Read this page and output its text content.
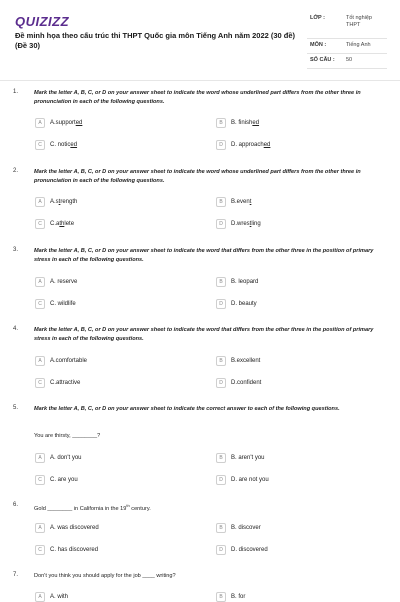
QUIZIZZ
Đề minh họa theo cấu trúc thi THPT Quốc gia môn Tiếng Anh năm 2022 (30 đề) (Đề 30)
LỚP :	Tốt nghiệp THPT
MÔN :	Tiếng Anh
SỐ CÂU :	50
1.	Mark the letter A, B, C, or D on your answer sheet to indicate the word whose underlined part differs from the other three in pronunciation in each of the following questions.
A	A.supported	B	B. finished
C	C. noticed	D	D. approached
2.	Mark the letter A, B, C, or D on your answer sheet to indicate the word whose underlined part differs from the other three in pronunciation in each of the following questions.
A	A.strength	B	B.event
C	C.athlete	D	D.wrestling
3.	Mark the letter A, B, C, or D on your answer sheet to indicate the word that differs from the other three in the position of primary stress in each of the following questions.
A	A. reserve	B	B. leopard
C	C. wildlife	D	D. beauty
4.	Mark the letter A, B, C, or D on your answer sheet to indicate the word that differs from the other three in the position of primary stress in each of the following questions.
A	A.comfortable	B	B.excellent
C	C.attractive	D	D.confident
5.	Mark the letter A, B, C, or D on your answer sheet to indicate the correct answer to each of the following questions.
You are thirsty, ________?
A	A. don't you	B	B. aren't you
C	C. are you	D	D. are not you
6.
Gold ________ in California in the 19th century.
A	A. was discovered	B	B. discover
C	C. has discovered	D	D. discovered
7.	Don't you think you should apply for the job ____ writing?
A	A. with	B	B. for
